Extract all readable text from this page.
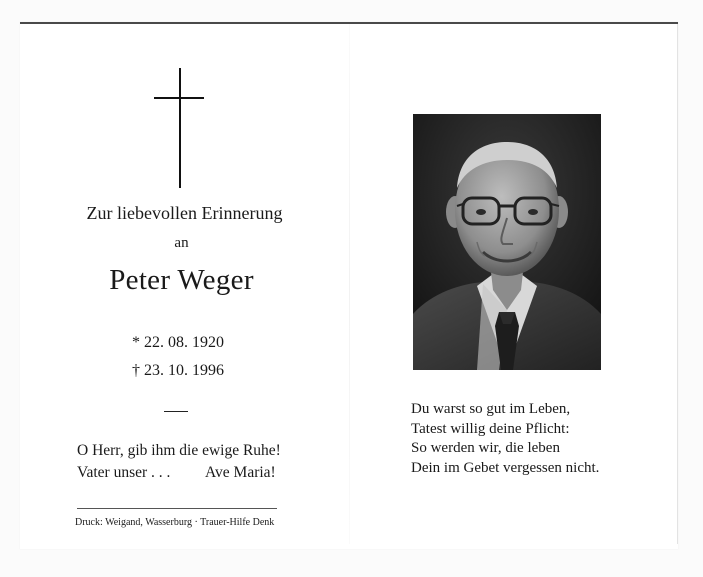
Zur liebevollen Erinnerung
an
Peter Weger
* 22. 08. 1920
† 23. 10. 1996
O Herr, gib ihm die ewige Ruhe!
Vater unser . . .	Ave Maria!
Druck: Weigand, Wasserburg · Trauer-Hilfe Denk
Du warst so gut im Leben,
Tatest willig deine Pflicht:
So werden wir, die leben
Dein im Gebet vergessen nicht.
